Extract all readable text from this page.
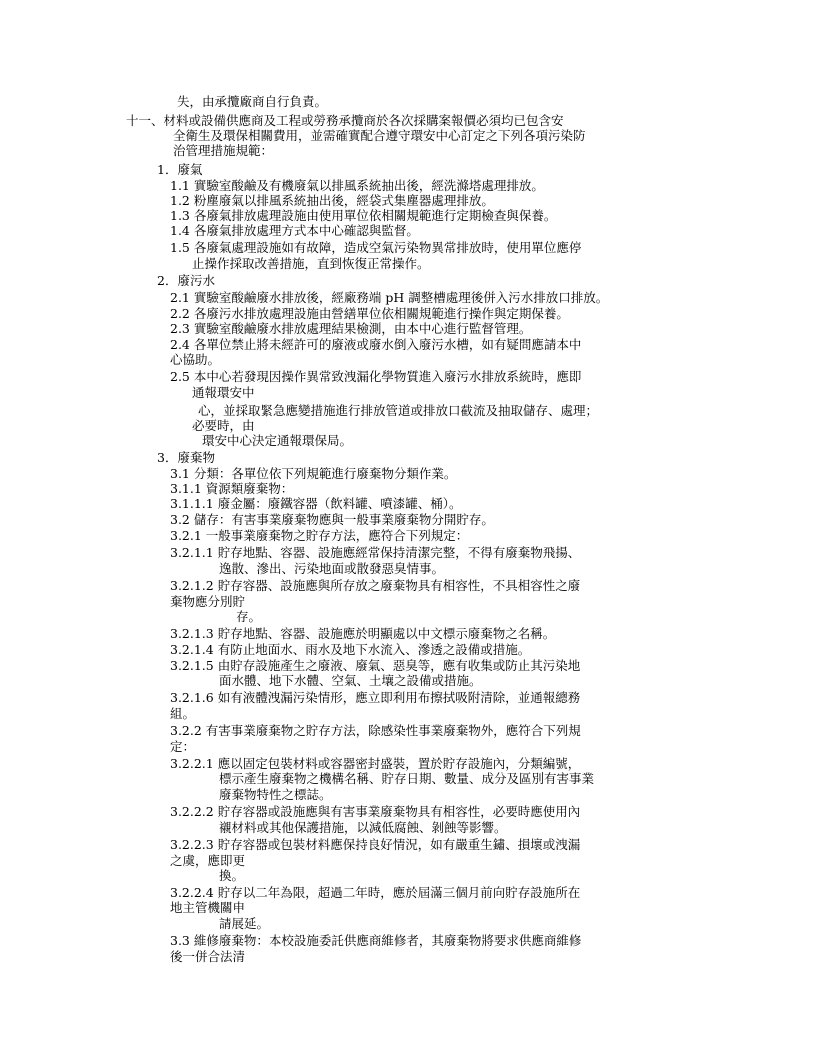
失，由承攬廠商自行負責。
十一、材料或設備供應商及工程或勞務承攬商於各次採購案報價必須均已包含安
全衛生及環保相關費用，並需確實配合遵守環安中心訂定之下列各項污染防
治管理措施規範：
1．廢氣
1.1 實驗室酸鹼及有機廢氣以排風系統抽出後，經洗滌塔處理排放。
1.2 粉塵廢氣以排風系統抽出後，經袋式集塵器處理排放。
1.3 各廢氣排放處理設施由使用單位依相關規範進行定期檢查與保養。
1.4 各廢氣排放處理方式本中心確認與監督。
1.5 各廢氣處理設施如有故障，造成空氣污染物異常排放時，使用單位應停
止操作採取改善措施，直到恢復正常操作。
2．廢污水
2.1 實驗室酸鹼廢水排放後，經廠務端 pH 調整槽處理後併入污水排放口排放。
2.2 各廢污水排放處理設施由營繕單位依相關規範進行操作與定期保養。
2.3 實驗室酸鹼廢水排放處理結果檢測，由本中心進行監督管理。
2.4 各單位禁止將未經許可的廢液或廢水倒入廢污水槽，如有疑問應請本中
心協助。
2.5 本中心若發現因操作異常致洩漏化學物質進入廢污水排放系統時，應即
通報環安中
心，並採取緊急應變措施進行排放管道或排放口截流及抽取儲存、處理；
必要時，由
環安中心決定通報環保局。
3．廢棄物
3.1 分類：各單位依下列規範進行廢棄物分類作業。
3.1.1 資源類廢棄物：
3.1.1.1 廢金屬：廢鐵容器（飲料罐、噴漆罐、桶）。
3.2 儲存：有害事業廢棄物應與一般事業廢棄物分開貯存。
3.2.1 一般事業廢棄物之貯存方法，應符合下列規定：
3.2.1.1 貯存地點、容器、設施應經常保持清潔完整，不得有廢棄物飛揚、
逸散、滲出、污染地面或散發惡臭情事。
3.2.1.2 貯存容器、設施應與所存放之廢棄物具有相容性，不具相容性之廢
棄物應分別貯
存。
3.2.1.3 貯存地點、容器、設施應於明顯處以中文標示廢棄物之名稱。
3.2.1.4 有防止地面水、雨水及地下水流入、滲透之設備或措施。
3.2.1.5 由貯存設施產生之廢液、廢氣、惡臭等，應有收集或防止其污染地
面水體、地下水體、空氣、土壤之設備或措施。
3.2.1.6 如有液體洩漏污染情形，應立即利用布擦拭吸附清除，並通報總務
組。
3.2.2 有害事業廢棄物之貯存方法，除感染性事業廢棄物外，應符合下列規
定：
3.2.2.1 應以固定包裝材料或容器密封盛裝，置於貯存設施內，分類編號，
標示產生廢棄物之機構名稱、貯存日期、數量、成分及區別有害事業
廢棄物特性之標誌。
3.2.2.2 貯存容器或設施應與有害事業廢棄物具有相容性，必要時應使用內
襯材料或其他保護措施，以減低腐蝕、剝蝕等影響。
3.2.2.3 貯存容器或包裝材料應保持良好情況，如有嚴重生鏽、損壞或洩漏
之虞，應即更
換。
3.2.2.4 貯存以二年為限，超過二年時，應於屆滿三個月前向貯存設施所在
地主管機關申
請展延。
3.3 維修廢棄物：本校設施委託供應商維修者，其廢棄物將要求供應商維修
後一併合法清
